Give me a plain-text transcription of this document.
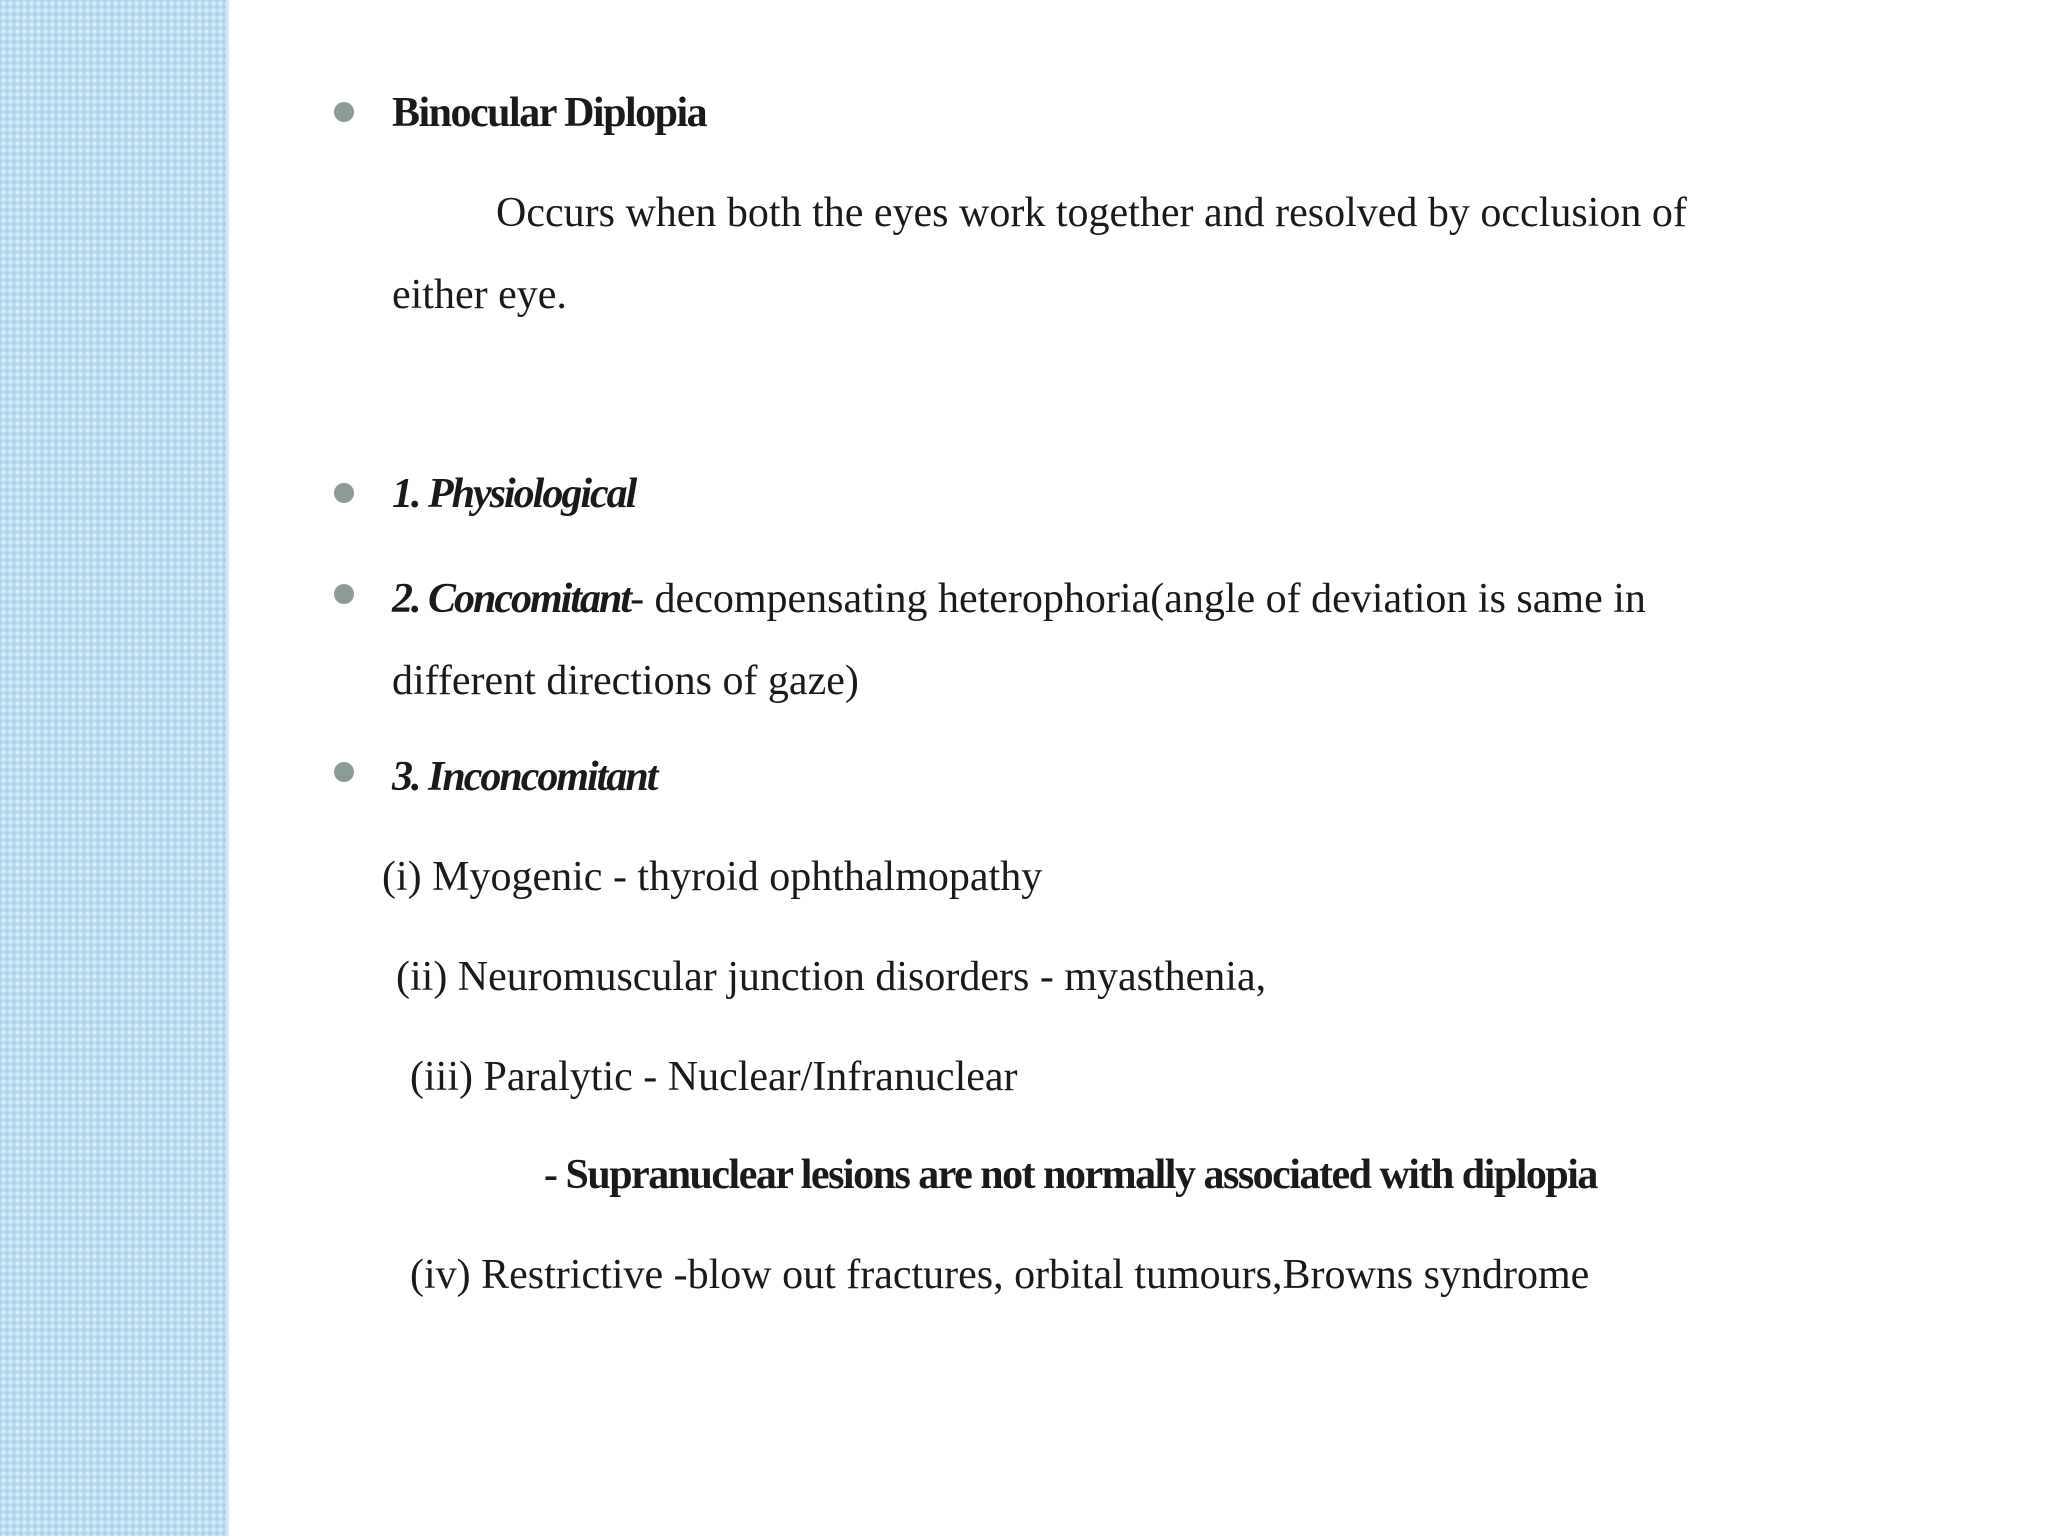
Binocular Diplopia
Occurs when both the eyes work together and resolved by occlusion of
either eye.
1. Physiological
2. Concomitant- decompensating heterophoria(angle of deviation is same in
different directions of gaze)
3. Inconcomitant
(i) Myogenic - thyroid ophthalmopathy
(ii) Neuromuscular junction disorders - myasthenia,
(iii) Paralytic - Nuclear/Infranuclear
- Supranuclear lesions are not normally associated with diplopia
(iv) Restrictive -blow out fractures, orbital tumours,Browns syndrome
